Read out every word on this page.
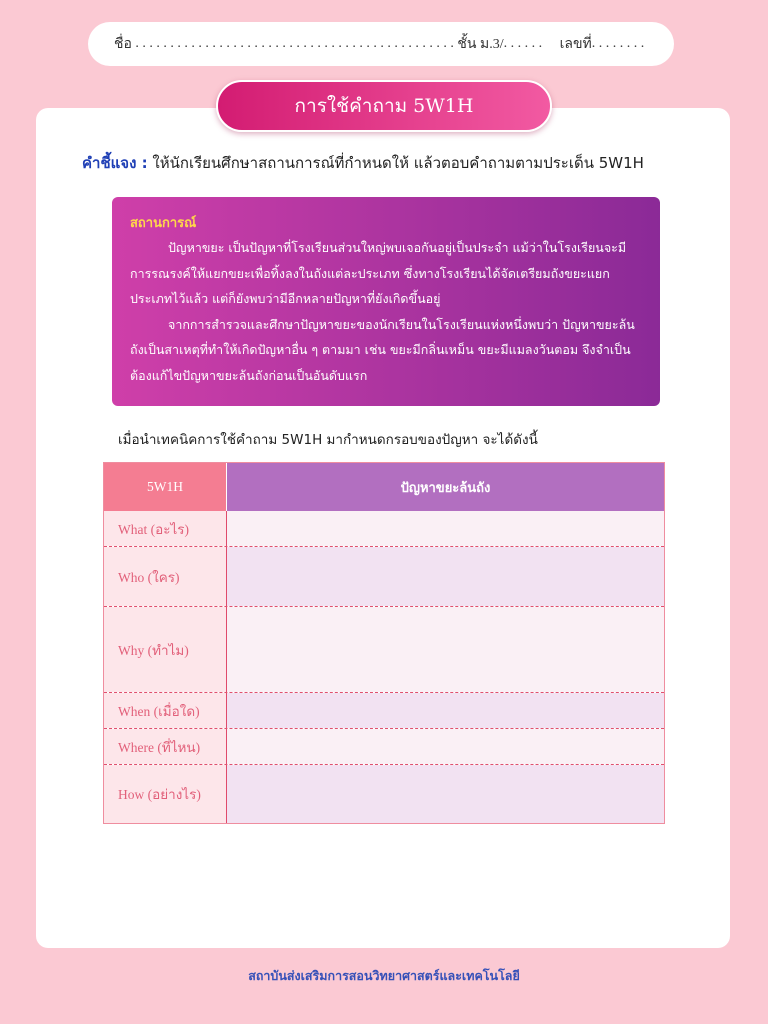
ชื่อ . . . . . . . . . . . . . . . . . . . . . . . . . . . . . . . . . . . . . . . . . . . . . . ชั้น ม.3/ . . . . . . เลขที่ . . . . . . . .
การใช้คำถาม 5W1H
คำชี้แจง : ให้นักเรียนศึกษาสถานการณ์ที่กำหนดให้ แล้วตอบคำถามตามประเด็น 5W1H
สถานการณ์

ปัญหาขยะ เป็นปัญหาที่โรงเรียนส่วนใหญ่พบเจอกันอยู่เป็นประจำ แม้ว่าในโรงเรียนจะมีการรณรงค์ให้แยกขยะเพื่อทิ้งลงในถังแต่ละประเภท ซึ่งทางโรงเรียนได้จัดเตรียมถังขยะแยกประเภทไว้แล้ว แต่ก็ยังพบว่ามีอีกหลายปัญหาที่ยังเกิดขึ้นอยู่

จากการสำรวจและศึกษาปัญหาขยะของนักเรียนในโรงเรียนแห่งหนึ่งพบว่า ปัญหาขยะล้นถังเป็นสาเหตุที่ทำให้เกิดปัญหาอื่น ๆ ตามมา เช่น ขยะมีกลิ่นเหม็น ขยะมีแมลงวันตอม จึงจำเป็นต้องแก้ไขปัญหาขยะล้นถังก่อนเป็นอันดับแรก

เมื่อนำเทคนิคการใช้คำถาม 5W1H มากำหนดกรอบของปัญหา จะได้ดังนี้
5W1H	ปัญหาขยะล้นถัง
What (อะไร)
Who (ใคร)
Why (ทำไม)
When (เมื่อใด)
Where (ที่ไหน)
How (อย่างไร)
สถาบันส่งเสริมการสอนวิทยาศาสตร์และเทคโนโลยี
